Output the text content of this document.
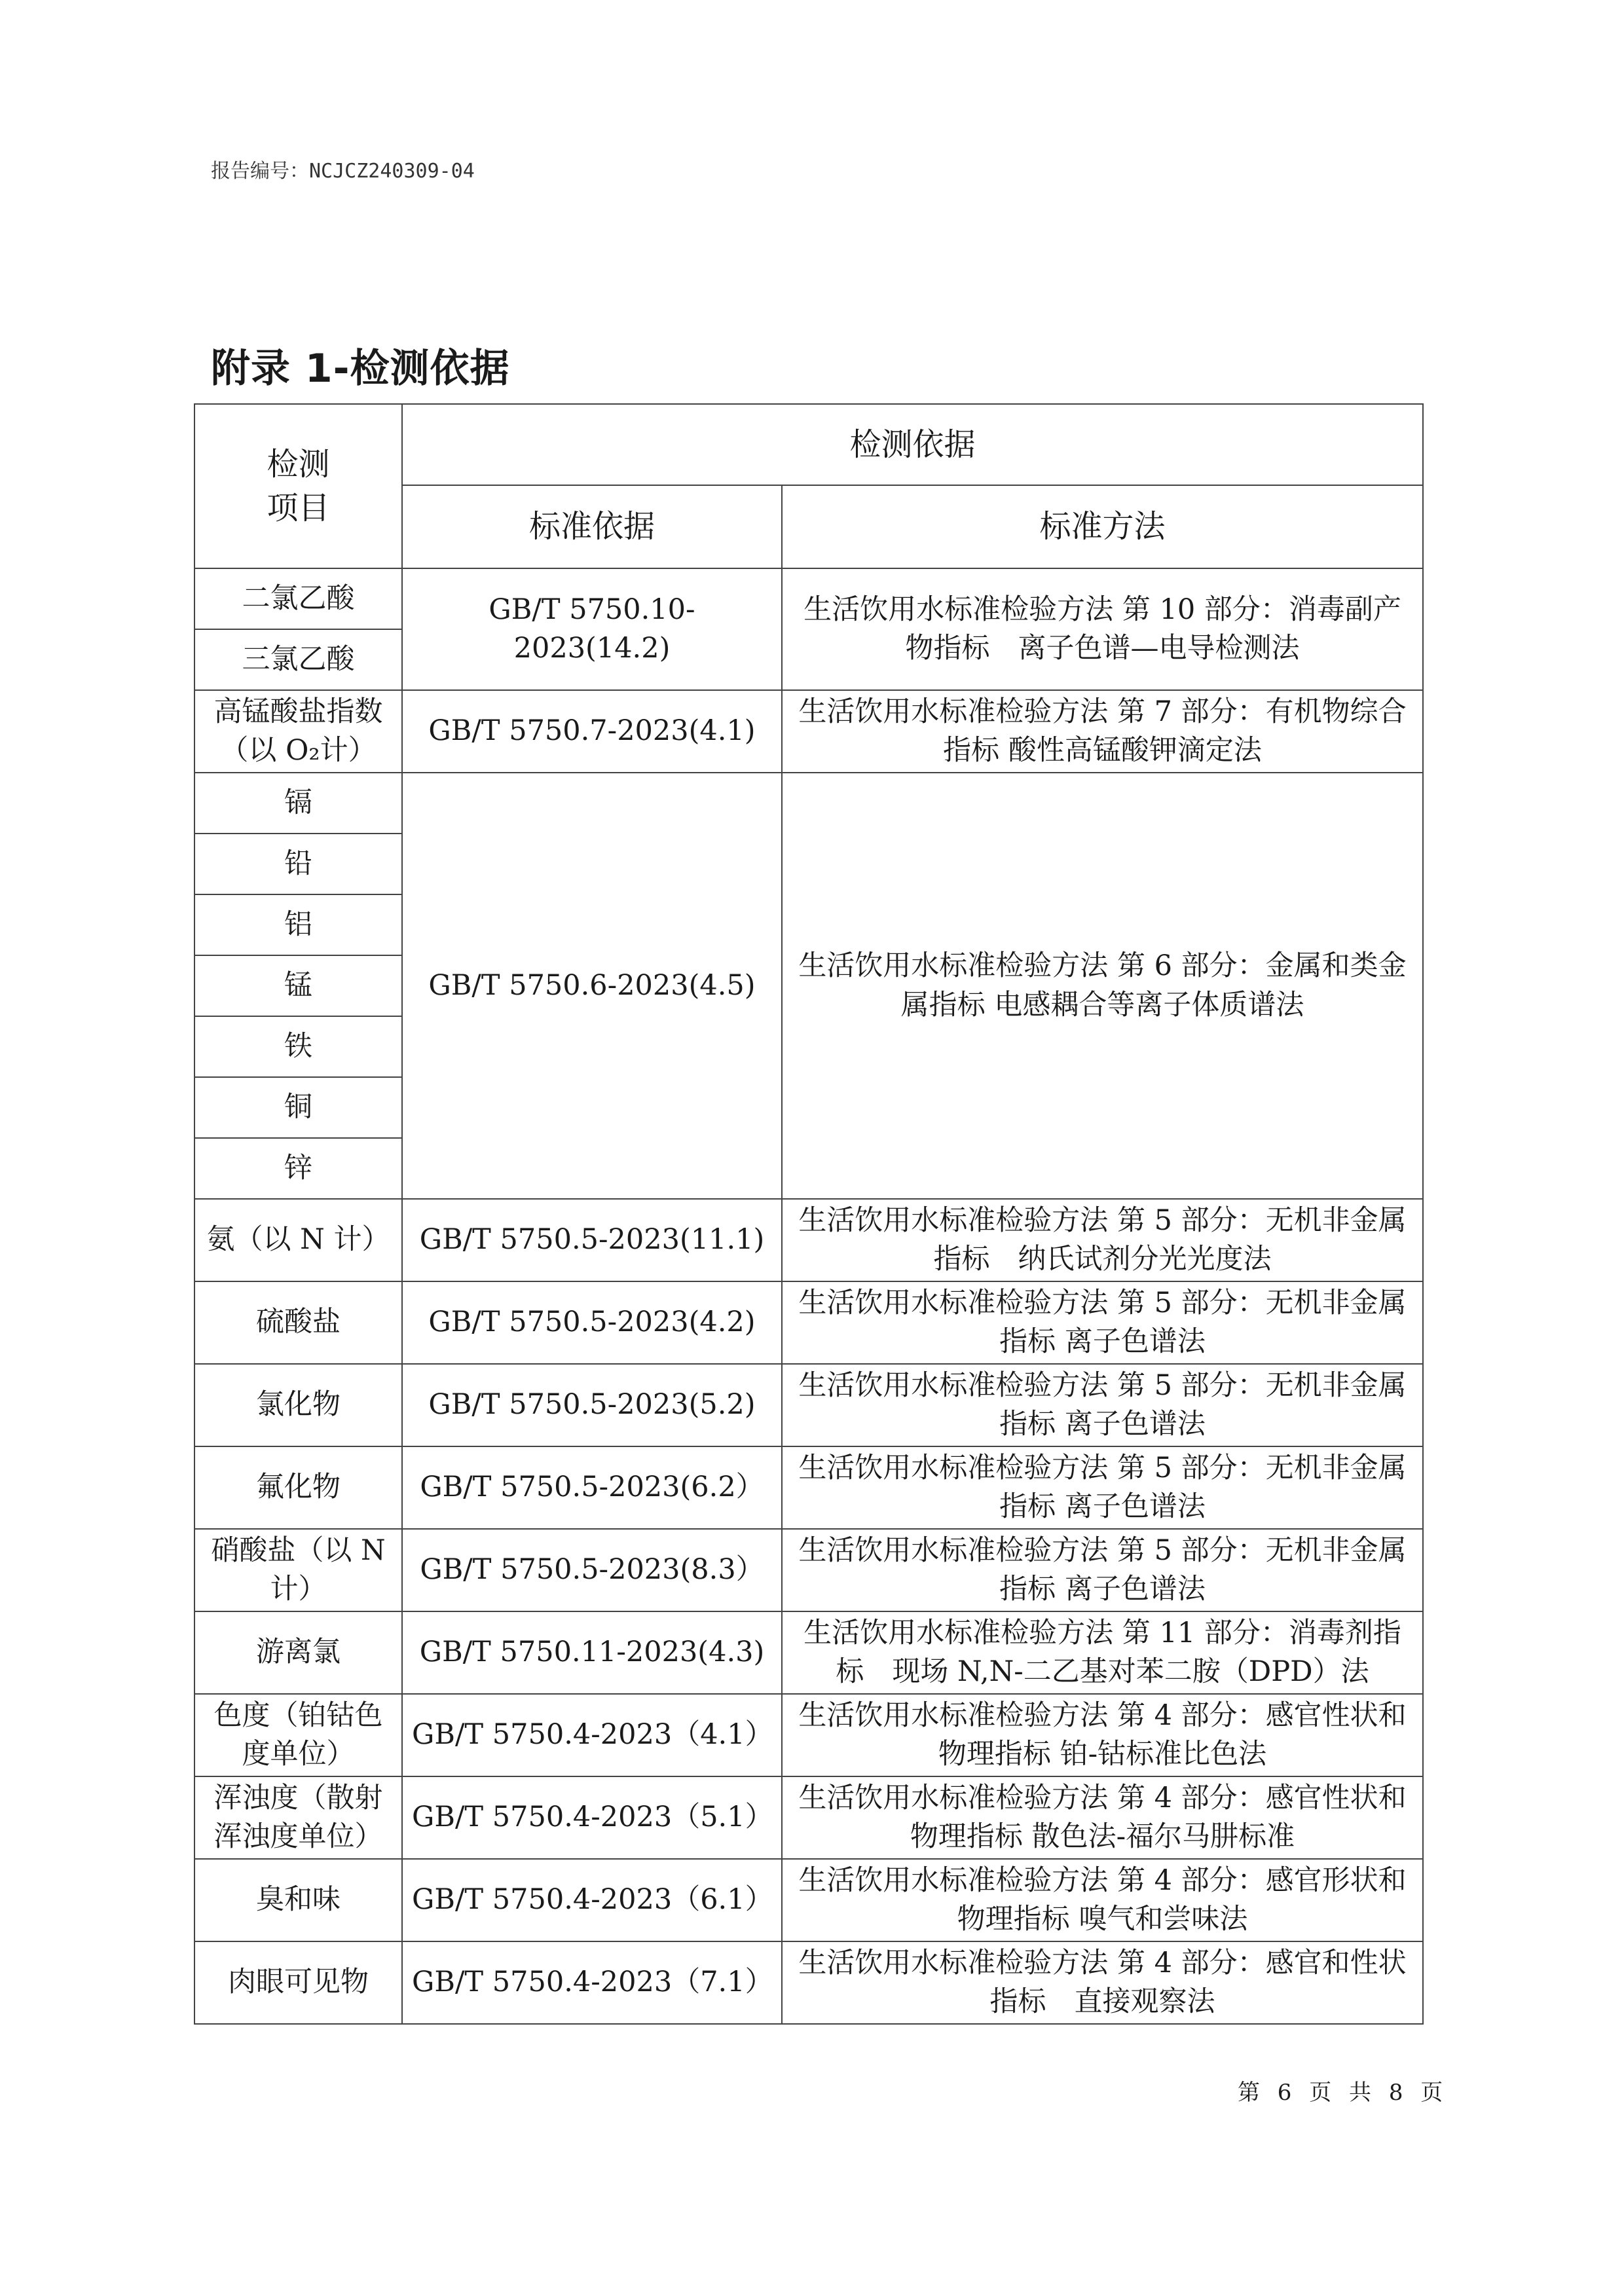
报告编号：NCJCZ240309-04
附录 1-检测依据
检测
项目	检测依据	
	标准依据	标准方法
二氯乙酸	GB/T 5750.10-2023(14.2)	生活饮用水标准检验方法 第 10 部分：消毒副产物指标　离子色谱—电导检测法
三氯乙酸		
高锰酸盐指数（以 O₂计）	GB/T 5750.7-2023(4.1)	生活饮用水标准检验方法 第 7 部分：有机物综合指标 酸性高锰酸钾滴定法
镉	GB/T 5750.6-2023(4.5)	生活饮用水标准检验方法 第 6 部分：金属和类金属指标 电感耦合等离子体质谱法
铅		
铝		
锰		
铁		
铜		
锌		
氨（以 N 计）	GB/T 5750.5-2023(11.1)	生活饮用水标准检验方法 第 5 部分：无机非金属指标　纳氏试剂分光光度法
硫酸盐	GB/T 5750.5-2023(4.2)	生活饮用水标准检验方法 第 5 部分：无机非金属指标 离子色谱法
氯化物	GB/T 5750.5-2023(5.2)	生活饮用水标准检验方法 第 5 部分：无机非金属指标 离子色谱法
氟化物	GB/T 5750.5-2023(6.2）	生活饮用水标准检验方法 第 5 部分：无机非金属指标 离子色谱法
硝酸盐（以 N 计）	GB/T 5750.5-2023(8.3）	生活饮用水标准检验方法 第 5 部分：无机非金属指标 离子色谱法
游离氯	GB/T 5750.11-2023(4.3)	生活饮用水标准检验方法 第 11 部分：消毒剂指标　现场 N,N-二乙基对苯二胺（DPD）法
色度（铂钴色度单位）	GB/T 5750.4-2023（4.1）	生活饮用水标准检验方法 第 4 部分：感官性状和物理指标 铂-钴标准比色法
浑浊度（散射浑浊度单位）	GB/T 5750.4-2023（5.1）	生活饮用水标准检验方法 第 4 部分：感官性状和物理指标 散色法-福尔马肼标准
臭和味	GB/T 5750.4-2023（6.1）	生活饮用水标准检验方法 第 4 部分：感官形状和物理指标 嗅气和尝味法
肉眼可见物	GB/T 5750.4-2023（7.1）	生活饮用水标准检验方法 第 4 部分：感官和性状指标　直接观察法
第 6 页 共 8 页
